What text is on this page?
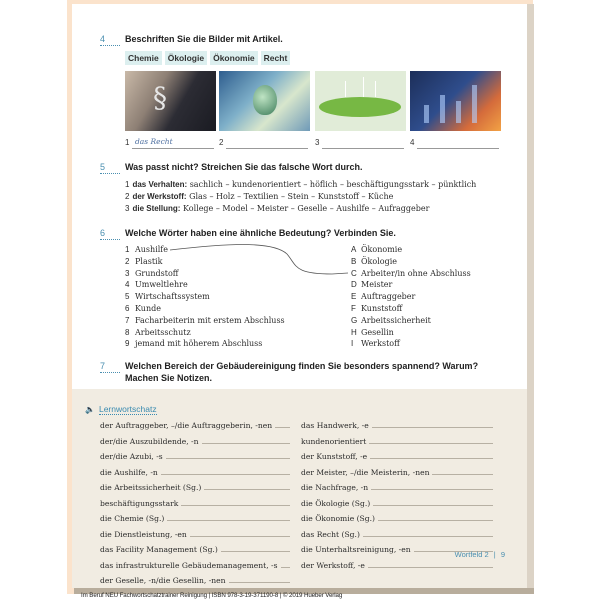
4	Beschriften Sie die Bilder mit Artikel.
Chemie	Ökologie	Ökonomie	Recht
§
1 das Recht	2	3	4
5	Was passt nicht? Streichen Sie das falsche Wort durch.
1 das Verhalten: sachlich – kundenorientiert – höflich – beschäftigungsstark – pünktlich
2 der Werkstoff: Glas – Holz – Textilien – Stein – Kunststoff – Küche
3 die Stellung: Kollege – Model – Meister – Geselle – Aushilfe – Aufraggeber
6	Welche Wörter haben eine ähnliche Bedeutung? Verbinden Sie.
1 Aushilfe
2 Plastik
3 Grundstoff
4 Umweltlehre
5 Wirtschaftssystem
6 Kunde
7 Facharbeiterin mit erstem Abschluss
8 Arbeitsschutz
9 jemand mit höherem Abschluss
A Ökonomie
B Ökologie
C Arbeiter/in ohne Abschluss
D Meister
E Auftraggeber
F Kunststoff
G Arbeitssicherheit
H Gesellin
I Werkstoff
7	Welchen Bereich der Gebäudereinigung finden Sie besonders spannend? Warum?
Machen Sie Notizen.
🔈 Lernwortschatz
der Auftraggeber, –/die Auftraggeberin, -nen
der/die Auszubildende, -n
der/die Azubi, -s
die Aushilfe, -n
die Arbeitssicherheit (Sg.)
beschäftigungsstark
die Chemie (Sg.)
die Dienstleistung, -en
das Facility Management (Sg.)
das infrastrukturelle Gebäudemanagement, -s
der Geselle, -n/die Gesellin, -nen
das Handwerk, -e
kundenorientiert
der Kunststoff, -e
der Meister, –/die Meisterin, -nen
die Nachfrage, -n
die Ökologie (Sg.)
die Ökonomie (Sg.)
das Recht (Sg.)
die Unterhaltsreinigung, -en
der Werkstoff, -e
Wortfeld 2 | 9
Im Beruf NEU Fachwortschatztrainer Reinigung | ISBN 978-3-19-371190-8 | © 2019 Hueber Verlag
